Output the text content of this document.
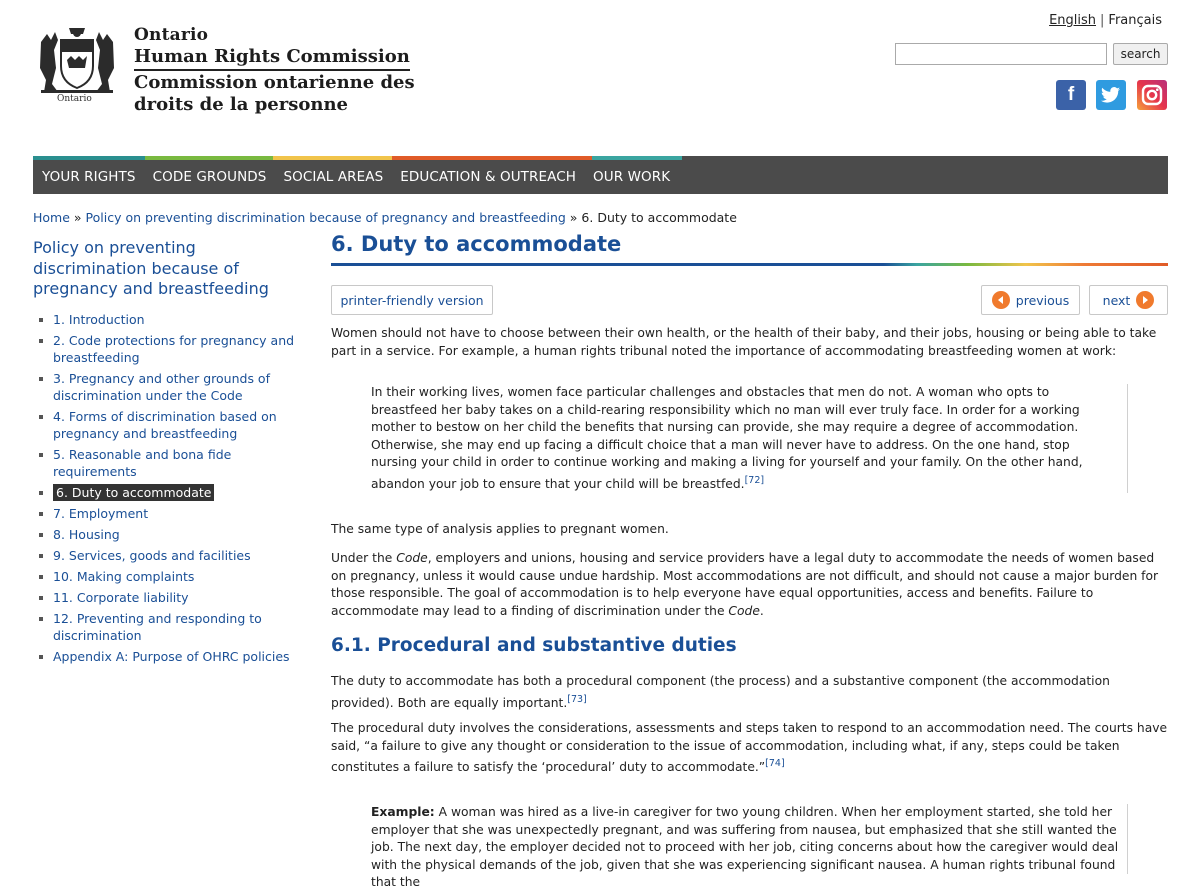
Ontario
Ontario
Human Rights Commission
Commission ontarienne des
droits de la personne
English | Français
search
f
YOUR RIGHTS CODE GROUNDS SOCIAL AREAS EDUCATION & OUTREACH OUR WORK
Home » Policy on preventing discrimination because of pregnancy and breastfeeding » 6. Duty to accommodate
Policy on preventing discrimination because of pregnancy and breastfeeding
1. Introduction
2. Code protections for pregnancy and breastfeeding
3. Pregnancy and other grounds of discrimination under the Code
4. Forms of discrimination based on pregnancy and breastfeeding
5. Reasonable and bona fide requirements
6. Duty to accommodate
7. Employment
8. Housing
9. Services, goods and facilities
10. Making complaints
11. Corporate liability
12. Preventing and responding to discrimination
Appendix A: Purpose of OHRC policies
6. Duty to accommodate
printer-friendly version	previous	next

Women should not have to choose between their own health, or the health of their baby, and their jobs, housing or being able to take part in a service. For example, a human rights tribunal noted the importance of accommodating breastfeeding women at work:

In their working lives, women face particular challenges and obstacles that men do not. A woman who opts to breastfeed her baby takes on a child-rearing responsibility which no man will ever truly face. In order for a working mother to bestow on her child the benefits that nursing can provide, she may require a degree of accommodation. Otherwise, she may end up facing a difficult choice that a man will never have to address. On the one hand, stop nursing your child in order to continue working and making a living for yourself and your family. On the other hand, abandon your job to ensure that your child will be breastfed.[72]

The same type of analysis applies to pregnant women.

Under the Code, employers and unions, housing and service providers have a legal duty to accommodate the needs of women based on pregnancy, unless it would cause undue hardship. Most accommodations are not difficult, and should not cause a major burden for those responsible. The goal of accommodation is to help everyone have equal opportunities, access and benefits. Failure to accommodate may lead to a finding of discrimination under the Code.

6.1. Procedural and substantive duties

The duty to accommodate has both a procedural component (the process) and a substantive component (the accommodation provided). Both are equally important.[73]

The procedural duty involves the considerations, assessments and steps taken to respond to an accommodation need. The courts have said, “a failure to give any thought or consideration to the issue of accommodation, including what, if any, steps could be taken constitutes a failure to satisfy the ‘procedural’ duty to accommodate.”[74]

Example: A woman was hired as a live-in caregiver for two young children. When her employment started, she told her employer that she was unexpectedly pregnant, and was suffering from nausea, but emphasized that she still wanted the job. The next day, the employer decided not to proceed with her job, citing concerns about how the caregiver would deal with the physical demands of the job, given that she was experiencing significant nausea. A human rights tribunal found that the
